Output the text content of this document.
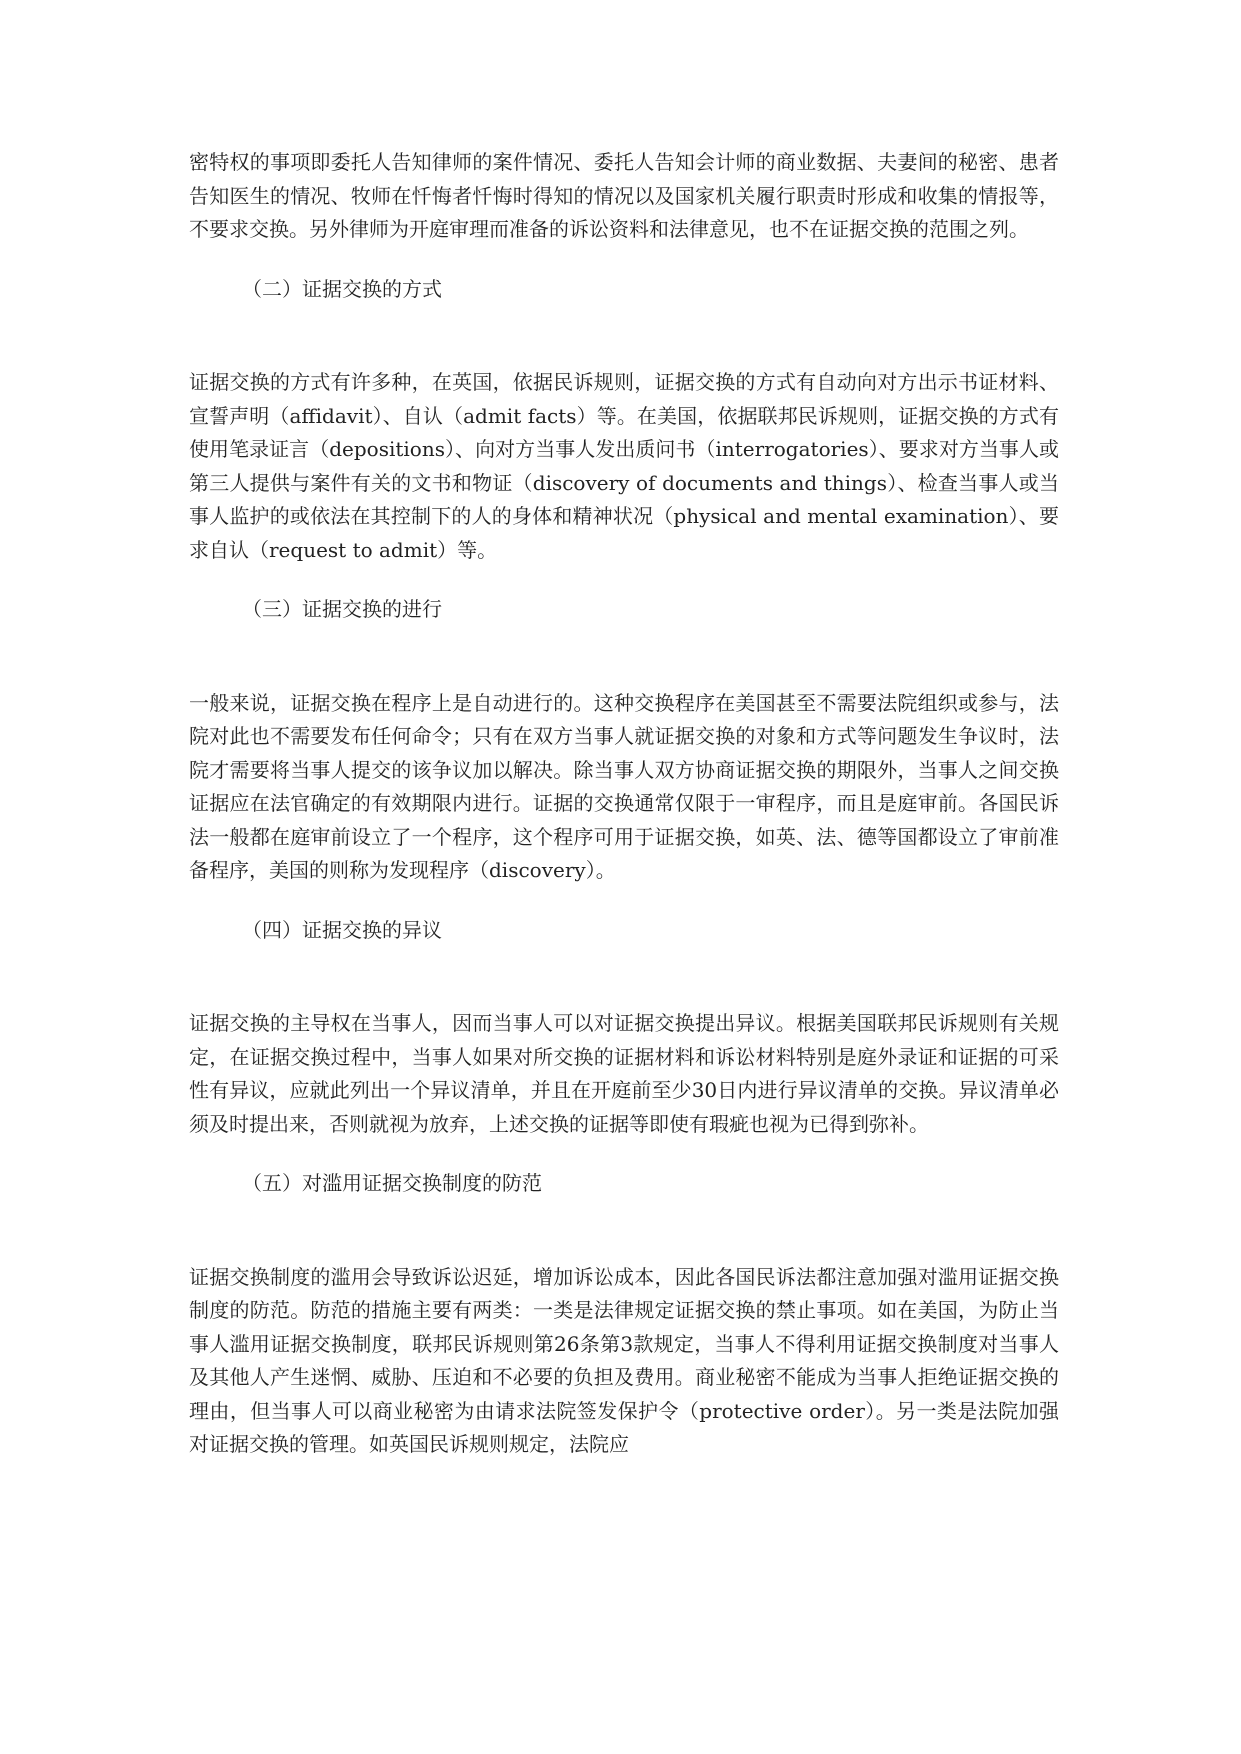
密特权的事项即委托人告知律师的案件情况、委托人告知会计师的商业数据、夫妻间的秘密、患者告知医生的情况、牧师在忏悔者忏悔时得知的情况以及国家机关履行职责时形成和收集的情报等，不要求交换。另外律师为开庭审理而准备的诉讼资料和法律意见，也不在证据交换的范围之列。

（二）证据交换的方式

证据交换的方式有许多种，在英国，依据民诉规则，证据交换的方式有自动向对方出示书证材料、宣誓声明（affidavit）、自认（admit facts）等。在美国，依据联邦民诉规则，证据交换的方式有使用笔录证言（depositions）、向对方当事人发出质问书（interrogatories）、要求对方当事人或第三人提供与案件有关的文书和物证（discovery of documents and things）、检查当事人或当事人监护的或依法在其控制下的人的身体和精神状况（physical and mental examination）、要求自认（request to admit）等。

（三）证据交换的进行

一般来说，证据交换在程序上是自动进行的。这种交换程序在美国甚至不需要法院组织或参与，法院对此也不需要发布任何命令；只有在双方当事人就证据交换的对象和方式等问题发生争议时，法院才需要将当事人提交的该争议加以解决。除当事人双方协商证据交换的期限外，当事人之间交换证据应在法官确定的有效期限内进行。证据的交换通常仅限于一审程序，而且是庭审前。各国民诉法一般都在庭审前设立了一个程序，这个程序可用于证据交换，如英、法、德等国都设立了审前准备程序，美国的则称为发现程序（discovery）。

（四）证据交换的异议

证据交换的主导权在当事人，因而当事人可以对证据交换提出异议。根据美国联邦民诉规则有关规定，在证据交换过程中，当事人如果对所交换的证据材料和诉讼材料特别是庭外录证和证据的可采性有异议，应就此列出一个异议清单，并且在开庭前至少30日内进行异议清单的交换。异议清单必须及时提出来，否则就视为放弃，上述交换的证据等即使有瑕疵也视为已得到弥补。

（五）对滥用证据交换制度的防范

证据交换制度的滥用会导致诉讼迟延，增加诉讼成本，因此各国民诉法都注意加强对滥用证据交换制度的防范。防范的措施主要有两类：一类是法律规定证据交换的禁止事项。如在美国，为防止当事人滥用证据交换制度，联邦民诉规则第26条第3款规定，当事人不得利用证据交换制度对当事人及其他人产生迷惘、威胁、压迫和不必要的负担及费用。商业秘密不能成为当事人拒绝证据交换的理由，但当事人可以商业秘密为由请求法院签发保护令（protective order）。另一类是法院加强对证据交换的管理。如英国民诉规则规定，法院应
